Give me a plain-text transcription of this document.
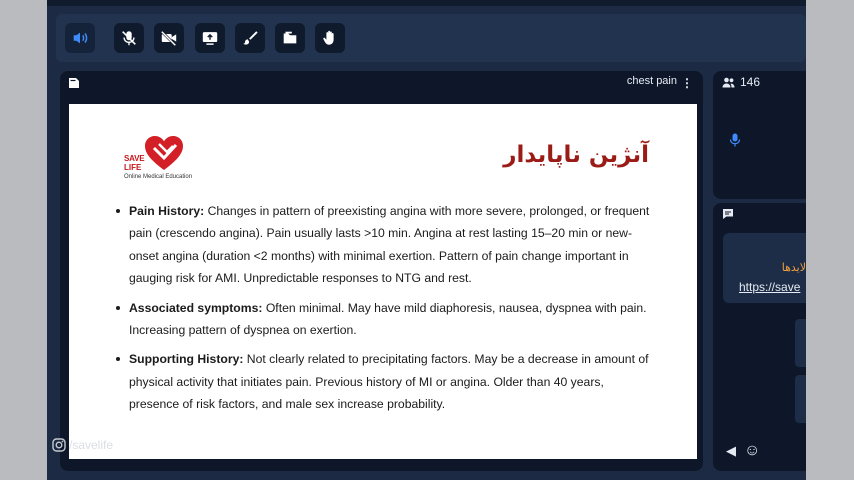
chest pain ⋮
SAVE
LIFE
Online Medical Education
آنژین ناپایدار
Pain History: Changes in pattern of preexisting angina with more severe, prolonged, or frequent pain (crescendo angina). Pain usually lasts >10 min. Angina at rest lasting 15–20 min or new-onset angina (duration <2 months) with minimal exertion. Pattern of pain change important in gauging risk for AMI. Unpredictable responses to NTG and rest.
Associated symptoms: Often minimal. May have mild diaphoresis, nausea, dyspnea with pain. Increasing pattern of dyspnea on exertion.
Supporting History: Not clearly related to precipitating factors. May be a decrease in amount of physical activity that initiates pain. Previous history of MI or angina. Older than 40 years, presence of risk factors, and male sex increase probability.
/savelife
146
لایدها
https://save
◀ ☺
